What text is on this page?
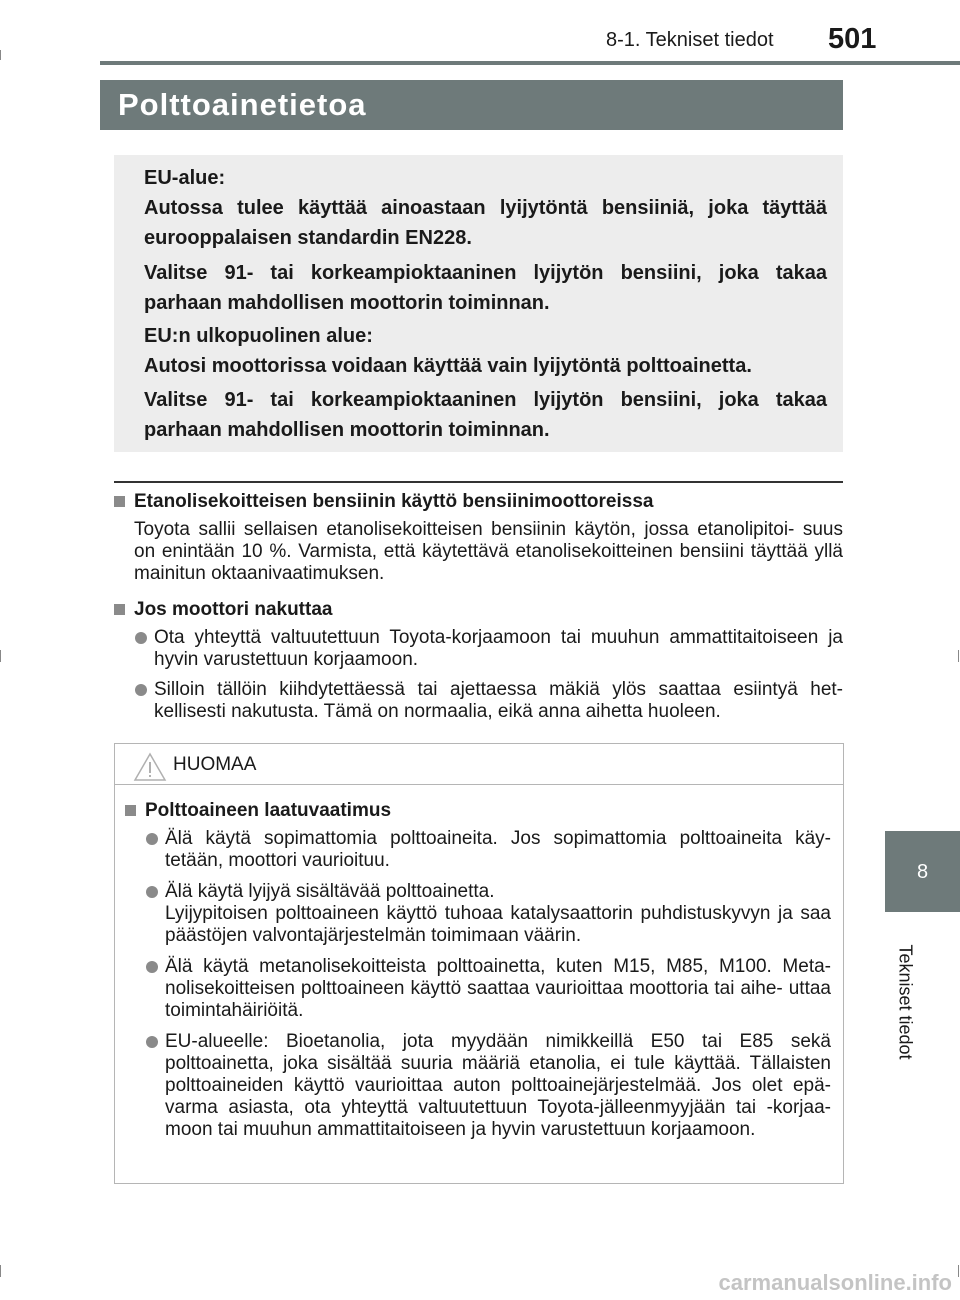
8-1. Tekniset tiedot 501
8
Tekniset tiedot
Polttoainetietoa

EU-alue:

Autossa tulee käyttää ainoastaan lyijytöntä bensiiniä, joka täyttää eurooppalaisen standardin EN228.

Valitse 91- tai korkeampioktaaninen lyijytön bensiini, joka takaa parhaan mahdollisen moottorin toiminnan.

EU:n ulkopuolinen alue:

Autosi moottorissa voidaan käyttää vain lyijytöntä polttoainetta.

Valitse 91- tai korkeampioktaaninen lyijytön bensiini, joka takaa parhaan mahdollisen moottorin toiminnan.

Etanolisekoitteisen bensiinin käyttö bensiinimoottoreissa
Toyota sallii sellaisen etanolisekoitteisen bensiinin käytön, jossa etanolipitoi- suus on enintään 10 %. Varmista, että käytettävä etanolisekoitteinen bensiini täyttää yllä mainitun oktaanivaatimuksen.
Jos moottori nakuttaa
Ota yhteyttä valtuutettuun Toyota-korjaamoon tai muuhun ammattitaitoiseen ja hyvin varustettuun korjaamoon.
Silloin tällöin kiihdytettäessä tai ajettaessa mäkiä ylös saattaa esiintyä het- kellisesti nakutusta. Tämä on normaalia, eikä anna aihetta huoleen.
HUOMAA
Polttoaineen laatuvaatimus
Älä käytä sopimattomia polttoaineita. Jos sopimattomia polttoaineita käy- tetään, moottori vaurioituu.
Älä käytä lyijyä sisältävää polttoainetta.
Lyijypitoisen polttoaineen käyttö tuhoaa katalysaattorin puhdistuskyvyn ja saa päästöjen valvontajärjestelmän toimimaan väärin.
Älä käytä metanolisekoitteista polttoainetta, kuten M15, M85, M100. Meta- nolisekoitteisen polttoaineen käyttö saattaa vaurioittaa moottoria tai aihe- uttaa toimintahäiriöitä.
EU-alueelle: Bioetanolia, jota myydään nimikkeillä E50 tai E85 sekä polttoainetta, joka sisältää suuria määriä etanolia, ei tule käyttää. Tällaisten polttoaineiden käyttö vaurioittaa auton polttoainejärjestelmää. Jos olet epä- varma asiasta, ota yhteyttä valtuutettuun Toyota-jälleenmyyjään tai -korjaa- moon tai muuhun ammattitaitoiseen ja hyvin varustettuun korjaamoon.
carmanualsonline.info
